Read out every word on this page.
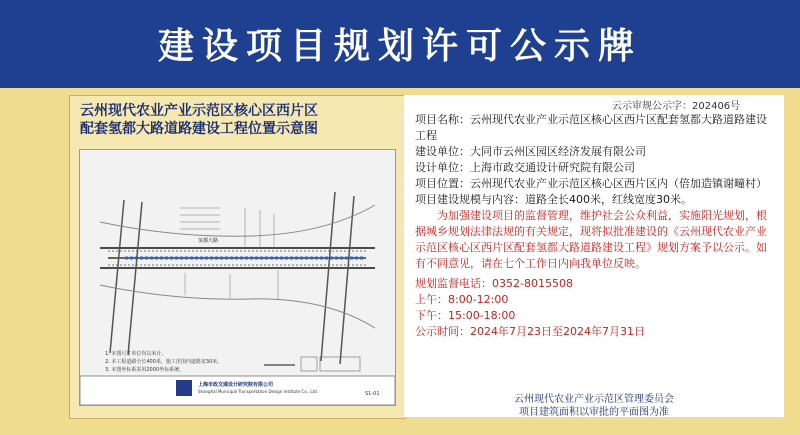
建设项目规划许可公示牌
云州现代农业产业示范区核心区西片区
配套氢都大路道路建设工程位置示意图
氢都大路
1. 本图尺寸单位均以米计。
2. 本工程道路全长400米，施工范围内道路宽30米。
3. 本图坐标系采用2000坐标系统。
上海市政交通设计研究院有限公司
Shanghai Municipal Transportation Design Institute Co., Ltd.	S1-01
云示审规公示字：202406号
项目名称：云州现代农业产业示范区核心区西片区配套氢都大路道路建设工程
建设单位：大同市云州区园区经济发展有限公司
设计单位：上海市政交通设计研究院有限公司
项目位置：云州现代农业产业示范区核心区西片区内（倍加造镇谢疃村）
项目建设规模与内容：道路全长400米，红线宽度30米。
为加强建设项目的监督管理，维护社会公众利益，实施阳光规划，根据城乡规划法律法规的有关规定，现将拟批准建设的《云州现代农业产业示范区核心区西片区配套氢都大路道路建设工程》规划方案予以公示。如有不同意见，请在七个工作日内向我单位反映。
规划监督电话：0352-8015508
上午：8:00-12:00
下午：15:00-18:00
公示时间：2024年7月23日至2024年7月31日
云州现代农业产业示范区管理委员会
项目建筑面积以审批的平面图为准
